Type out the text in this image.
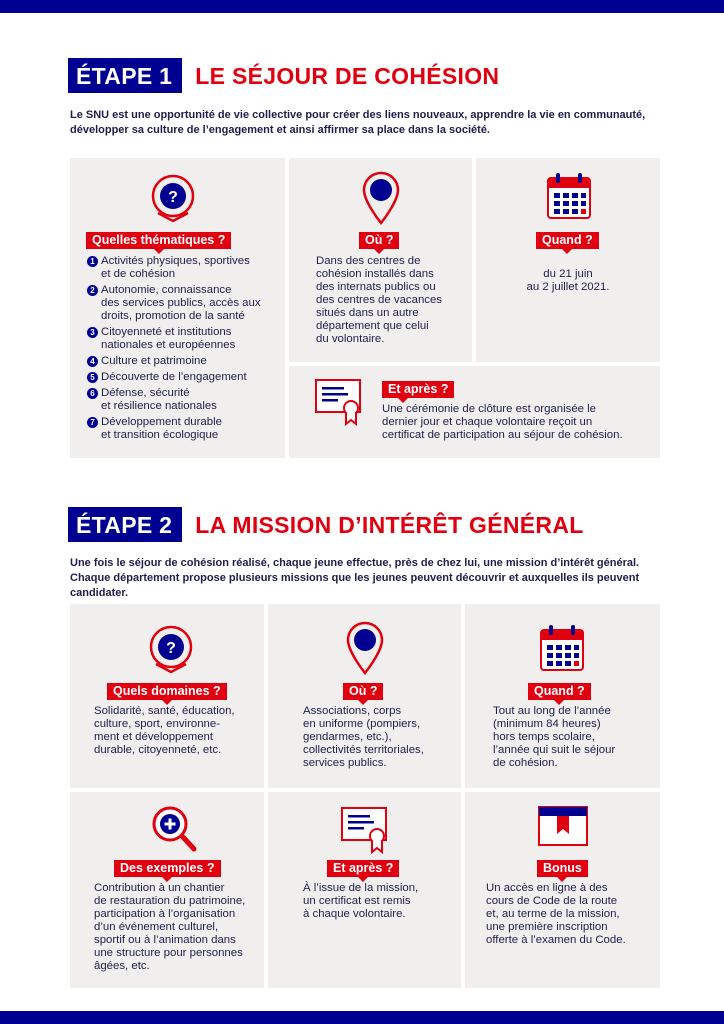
ÉTAPE 1	LE SÉJOUR DE COHÉSION
Le SNU est une opportunité de vie collective pour créer des liens nouveaux, apprendre la vie en communauté,
développer sa culture de l’engagement et ainsi affirmer sa place dans la société.
?
Quelles thématiques ?
1 Activités physiques, sportives
et de cohésion
2 Autonomie, connaissance
des services publics, accès aux
droits, promotion de la santé
3 Citoyenneté et institutions
nationales et européennes
4 Culture et patrimoine
5 Découverte de l’engagement
6 Défense, sécurité
et résilience nationales
7 Développement durable
et transition écologique
Où ?

Dans des centres de

cohésion installés dans

des internats publics ou

des centres de vacances

situés dans un autre

département que celui

du volontaire.

Quand ?

du 21 juin

au 2 juillet 2021.

Et après ?

Une cérémonie de clôture est organisée le

dernier jour et chaque volontaire reçoit un

certificat de participation au séjour de cohésion.

ÉTAPE 2	LA MISSION D’INTÉRÊT GÉNÉRAL
Une fois le séjour de cohésion réalisé, chaque jeune effectue, près de chez lui, une mission d’intérêt général.
Chaque département propose plusieurs missions que les jeunes peuvent découvrir et auxquelles ils peuvent
candidater.
?
Quels domaines ?

Solidarité, santé, éducation,

culture, sport, environne-

ment et développement

durable, citoyenneté, etc.

Où ?

Associations, corps

en uniforme (pompiers,

gendarmes, etc.),

collectivités territoriales,

services publics.

Quand ?

Tout au long de l’année

(minimum 84 heures)

hors temps scolaire,

l’année qui suit le séjour

de cohésion.

Des exemples ?

Contribution à un chantier

de restauration du patrimoine,

participation à l’organisation

d’un événement culturel,

sportif ou à l’animation dans

une structure pour personnes

âgées, etc.

Et après ?

À l’issue de la mission,

un certificat est remis

à chaque volontaire.

Bonus

Un accès en ligne à des

cours de Code de la route

et, au terme de la mission,

une première inscription

offerte à l’examen du Code.
